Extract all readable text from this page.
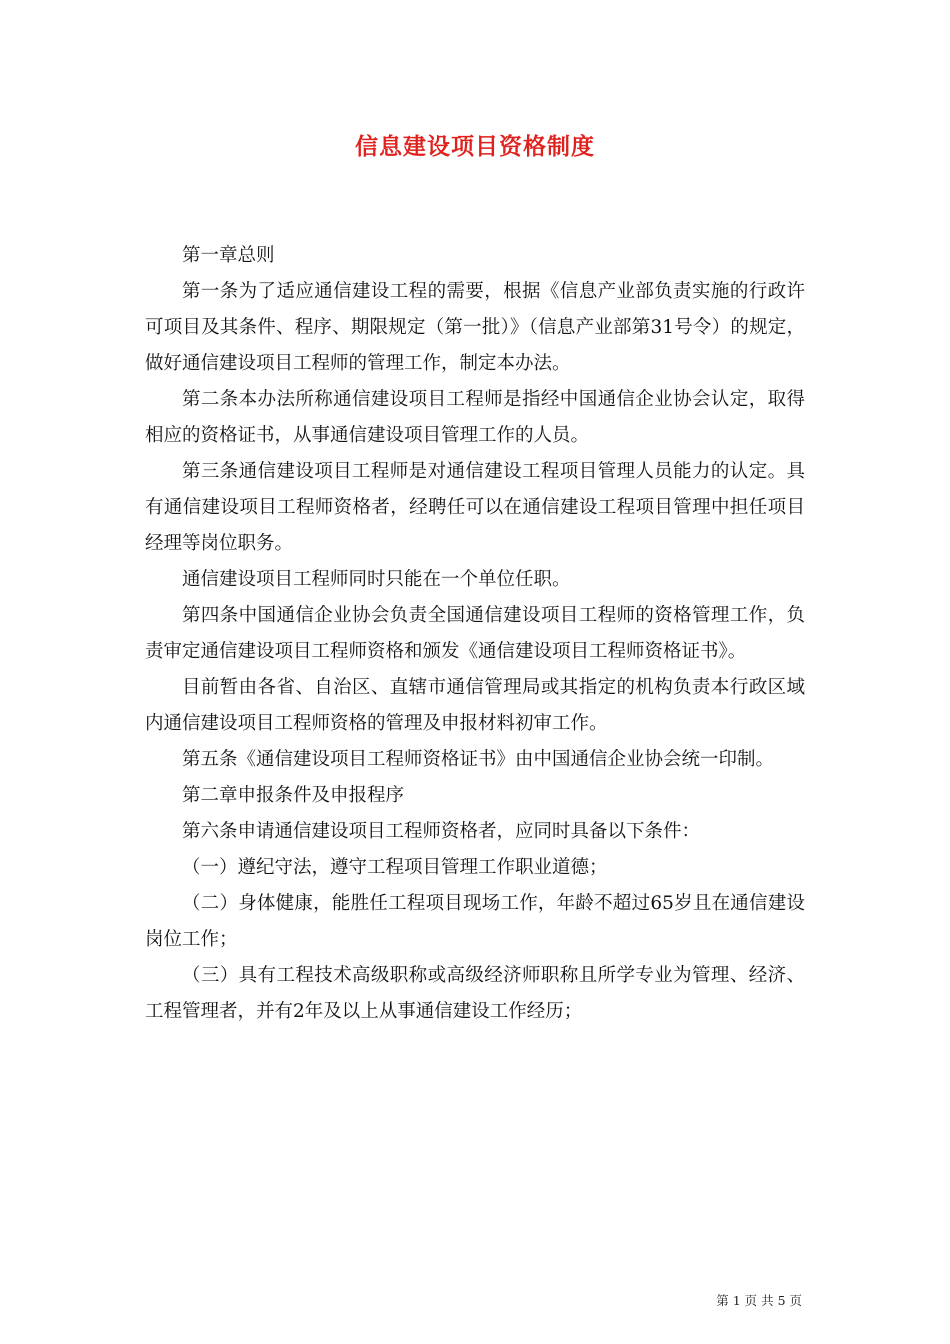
信息建设项目资格制度

第一章总则

第一条为了适应通信建设工程的需要，根据《信息产业部负责实施的行政许可项目及其条件、程序、期限规定（第一批）》（信息产业部第31号令）的规定，做好通信建设项目工程师的管理工作，制定本办法。

第二条本办法所称通信建设项目工程师是指经中国通信企业协会认定，取得相应的资格证书，从事通信建设项目管理工作的人员。

第三条通信建设项目工程师是对通信建设工程项目管理人员能力的认定。具有通信建设项目工程师资格者，经聘任可以在通信建设工程项目管理中担任项目经理等岗位职务。

通信建设项目工程师同时只能在一个单位任职。

第四条中国通信企业协会负责全国通信建设项目工程师的资格管理工作，负责审定通信建设项目工程师资格和颁发《通信建设项目工程师资格证书》。

目前暂由各省、自治区、直辖市通信管理局或其指定的机构负责本行政区域内通信建设项目工程师资格的管理及申报材料初审工作。

第五条《通信建设项目工程师资格证书》由中国通信企业协会统一印制。

第二章申报条件及申报程序

第六条申请通信建设项目工程师资格者，应同时具备以下条件：

（一）遵纪守法，遵守工程项目管理工作职业道德；

（二）身体健康，能胜任工程项目现场工作，年龄不超过65岁且在通信建设岗位工作；

（三）具有工程技术高级职称或高级经济师职称且所学专业为管理、经济、工程管理者，并有2年及以上从事通信建设工作经历；

第 1 页 共 5 页
